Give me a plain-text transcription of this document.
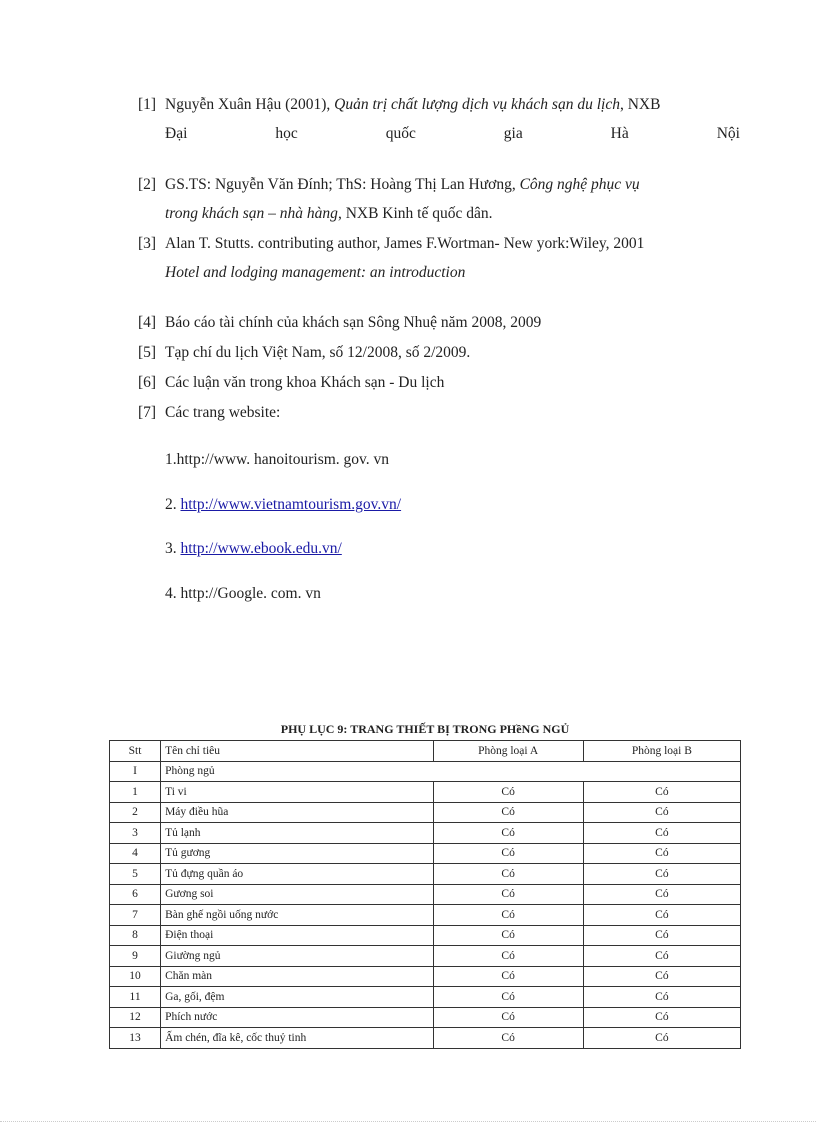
[1] Nguyễn Xuân Hậu (2001), Quản trị chất lượng dịch vụ khách sạn du lịch, NXB
Đại	học	quốc	gia	Hà	Nội
[2] GS.TS: Nguyễn Văn Đính; ThS: Hoàng Thị Lan Hương, Công nghệ phục vụ
trong khách sạn – nhà hàng, NXB Kinh tế quốc dân.
[3] Alan T. Stutts. contributing author, James F.Wortman- New york:Wiley, 2001
Hotel and lodging management: an introduction
[4] Báo cáo tài chính của khách sạn Sông Nhuệ năm 2008, 2009
[5] Tạp chí du lịch Việt Nam, số 12/2008, số 2/2009.
[6] Các luận văn trong khoa Khách sạn - Du lịch
[7] Các trang website:
1.http://www. hanoitourism. gov. vn
2. http://www.vietnamtourism.gov.vn/
3. http://www.ebook.edu.vn/
4. http://Google. com. vn
PHỤ LỤC 9: TRANG THIẾT BỊ TRONG PHềNG NGỦ
Stt	Tên chỉ tiêu	Phòng loại A	Phòng loại B
I	Phòng ngủ		
1	Ti vi	Có	Có
2	Máy điều hũa	Có	Có
3	Tủ lạnh	Có	Có
4	Tủ gương	Có	Có
5	Tủ đựng quần áo	Có	Có
6	Gương soi	Có	Có
7	Bàn ghế ngồi uống nước	Có	Có
8	Điện thoại	Có	Có
9	Giường ngủ	Có	Có
10	Chăn màn	Có	Có
11	Ga, gối, đệm	Có	Có
12	Phích nước	Có	Có
13	Ấm chén, đĩa kê, cốc thuỷ tinh	Có	Có
